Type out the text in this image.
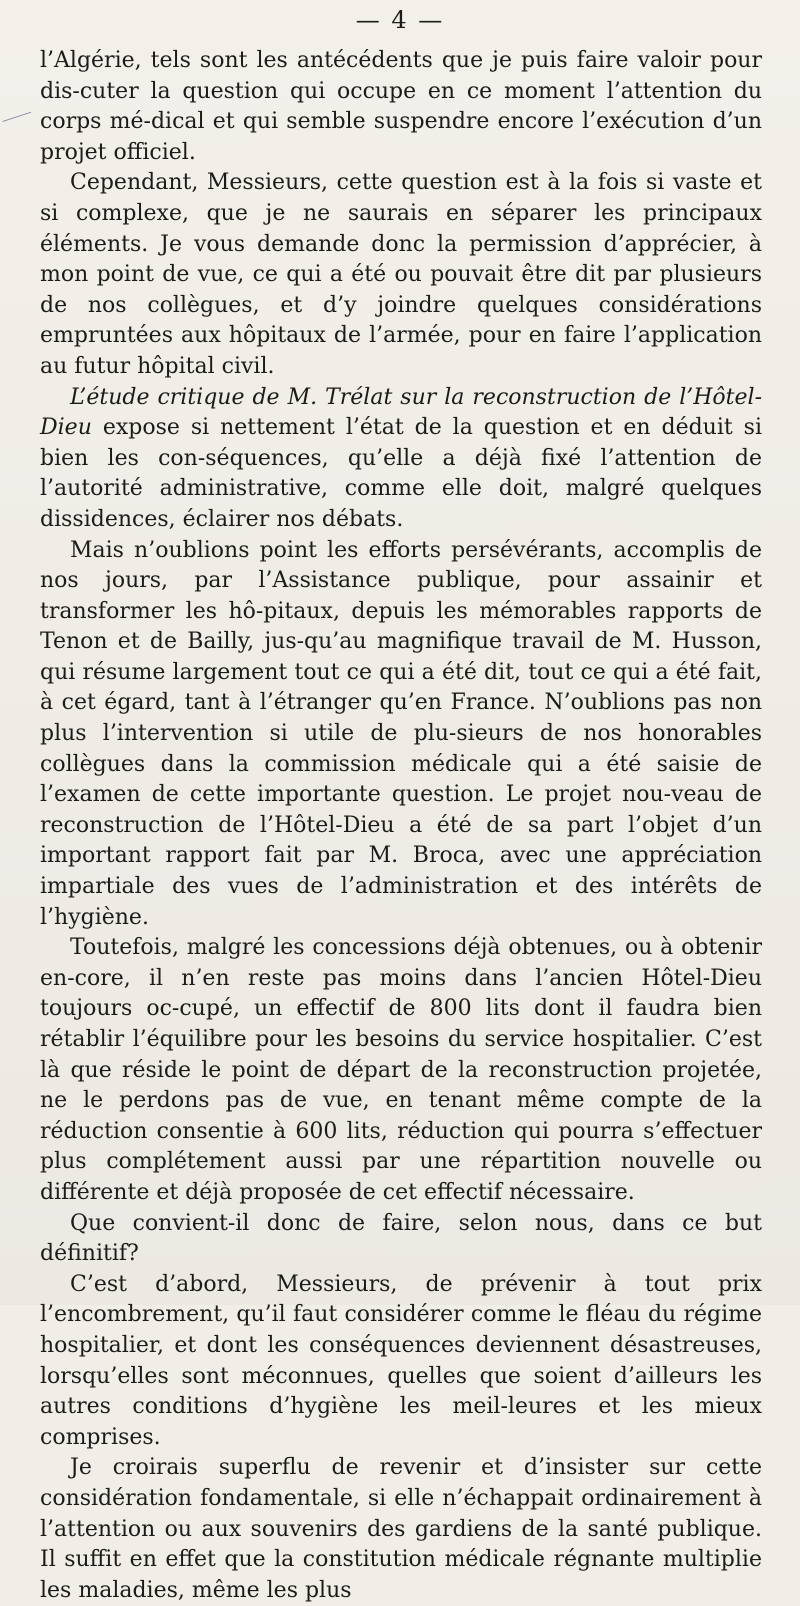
— 4 —

l’Algérie, tels sont les antécédents que je puis faire valoir pour dis-cuter la question qui occupe en ce moment l’attention du corps mé-dical et qui semble suspendre encore l’exécution d’un projet officiel.

Cependant, Messieurs, cette question est à la fois si vaste et si complexe, que je ne saurais en séparer les principaux éléments. Je vous demande donc la permission d’apprécier, à mon point de vue, ce qui a été ou pouvait être dit par plusieurs de nos collègues, et d’y joindre quelques considérations empruntées aux hôpitaux de l’armée, pour en faire l’application au futur hôpital civil.

L’étude critique de M. Trélat sur la reconstruction de l’Hôtel-Dieu expose si nettement l’état de la question et en déduit si bien les con-séquences, qu’elle a déjà fixé l’attention de l’autorité administrative, comme elle doit, malgré quelques dissidences, éclairer nos débats.

Mais n’oublions point les efforts persévérants, accomplis de nos jours, par l’Assistance publique, pour assainir et transformer les hô-pitaux, depuis les mémorables rapports de Tenon et de Bailly, jus-qu’au magnifique travail de M. Husson, qui résume largement tout ce qui a été dit, tout ce qui a été fait, à cet égard, tant à l’étranger qu’en France. N’oublions pas non plus l’intervention si utile de plu-sieurs de nos honorables collègues dans la commission médicale qui a été saisie de l’examen de cette importante question. Le projet nou-veau de reconstruction de l’Hôtel-Dieu a été de sa part l’objet d’un important rapport fait par M. Broca, avec une appréciation impartiale des vues de l’administration et des intérêts de l’hygiène.

Toutefois, malgré les concessions déjà obtenues, ou à obtenir en-core, il n’en reste pas moins dans l’ancien Hôtel-Dieu toujours oc-cupé, un effectif de 800 lits dont il faudra bien rétablir l’équilibre pour les besoins du service hospitalier. C’est là que réside le point de départ de la reconstruction projetée, ne le perdons pas de vue, en tenant même compte de la réduction consentie à 600 lits, réduction qui pourra s’effectuer plus complétement aussi par une répartition nouvelle ou différente et déjà proposée de cet effectif nécessaire.

Que convient-il donc de faire, selon nous, dans ce but définitif?

C’est d’abord, Messieurs, de prévenir à tout prix l’encombrement, qu’il faut considérer comme le fléau du régime hospitalier, et dont les conséquences deviennent désastreuses, lorsqu’elles sont méconnues, quelles que soient d’ailleurs les autres conditions d’hygiène les meil-leures et les mieux comprises.

Je croirais superflu de revenir et d’insister sur cette considération fondamentale, si elle n’échappait ordinairement à l’attention ou aux souvenirs des gardiens de la santé publique. Il suffit en effet que la constitution médicale régnante multiplie les maladies, même les plus
